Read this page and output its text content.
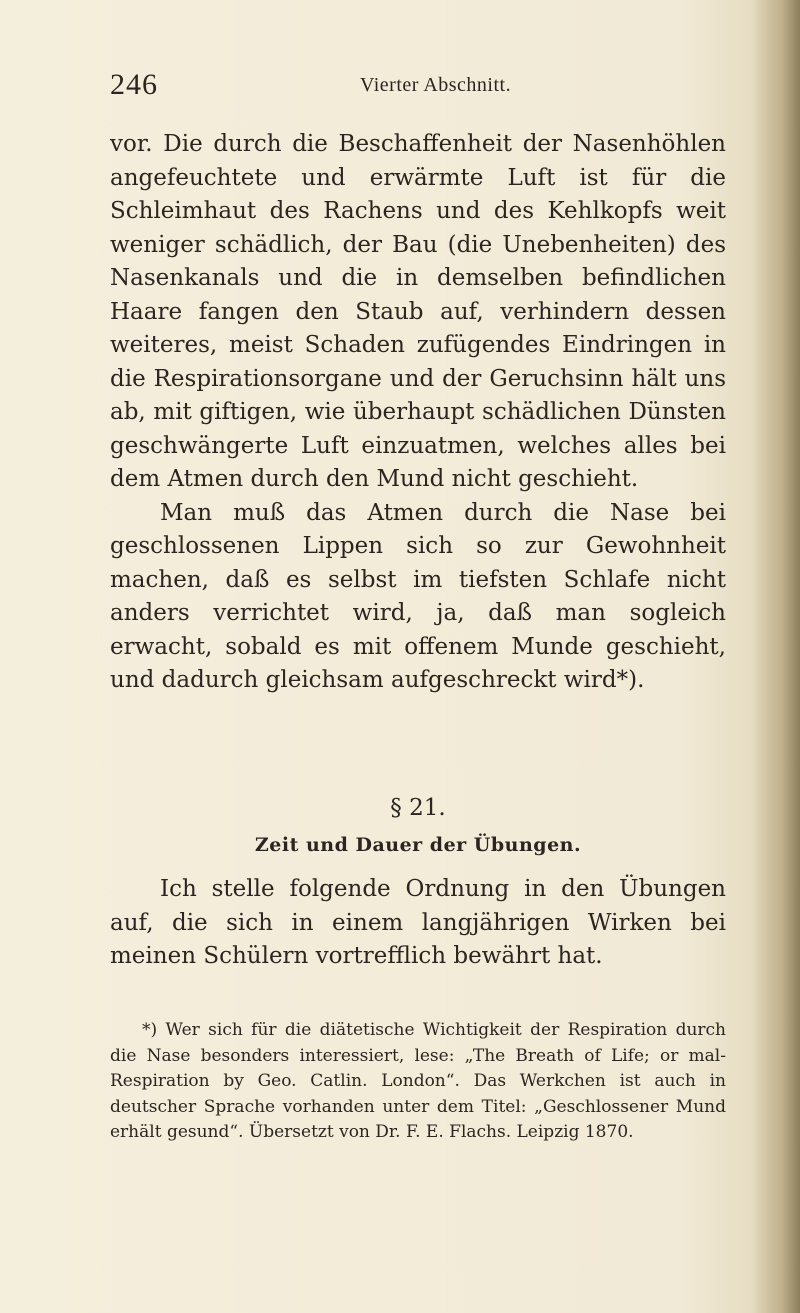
246	Vierter Abschnitt.

vor. Die durch die Beschaffenheit der Nasenhöhlen angefeuchtete und erwärmte Luft ist für die Schleimhaut des Rachens und des Kehlkopfs weit weniger schädlich, der Bau (die Unebenheiten) des Nasenkanals und die in demselben befindlichen Haare fangen den Staub auf, verhindern dessen weiteres, meist Schaden zufügendes Eindringen in die Respirationsorgane und der Geruchsinn hält uns ab, mit giftigen, wie überhaupt schädlichen Dünsten geschwängerte Luft einzuatmen, welches alles bei dem Atmen durch den Mund nicht geschieht.

Man muß das Atmen durch die Nase bei geschlossenen Lippen sich so zur Gewohnheit machen, daß es selbst im tiefsten Schlafe nicht anders verrichtet wird, ja, daß man sogleich erwacht, sobald es mit offenem Munde geschieht, und dadurch gleichsam aufgeschreckt wird*).

§ 21.
Zeit und Dauer der Übungen.

Ich stelle folgende Ordnung in den Übungen auf, die sich in einem langjährigen Wirken bei meinen Schülern vortrefflich bewährt hat.

*) Wer sich für die diätetische Wichtigkeit der Respiration durch die Nase besonders interessiert, lese: „The Breath of Life; or mal-Respiration by Geo. Catlin. London“. Das Werkchen ist auch in deutscher Sprache vorhanden unter dem Titel: „Geschlossener Mund erhält gesund“. Übersetzt von Dr. F. E. Flachs. Leipzig 1870.
